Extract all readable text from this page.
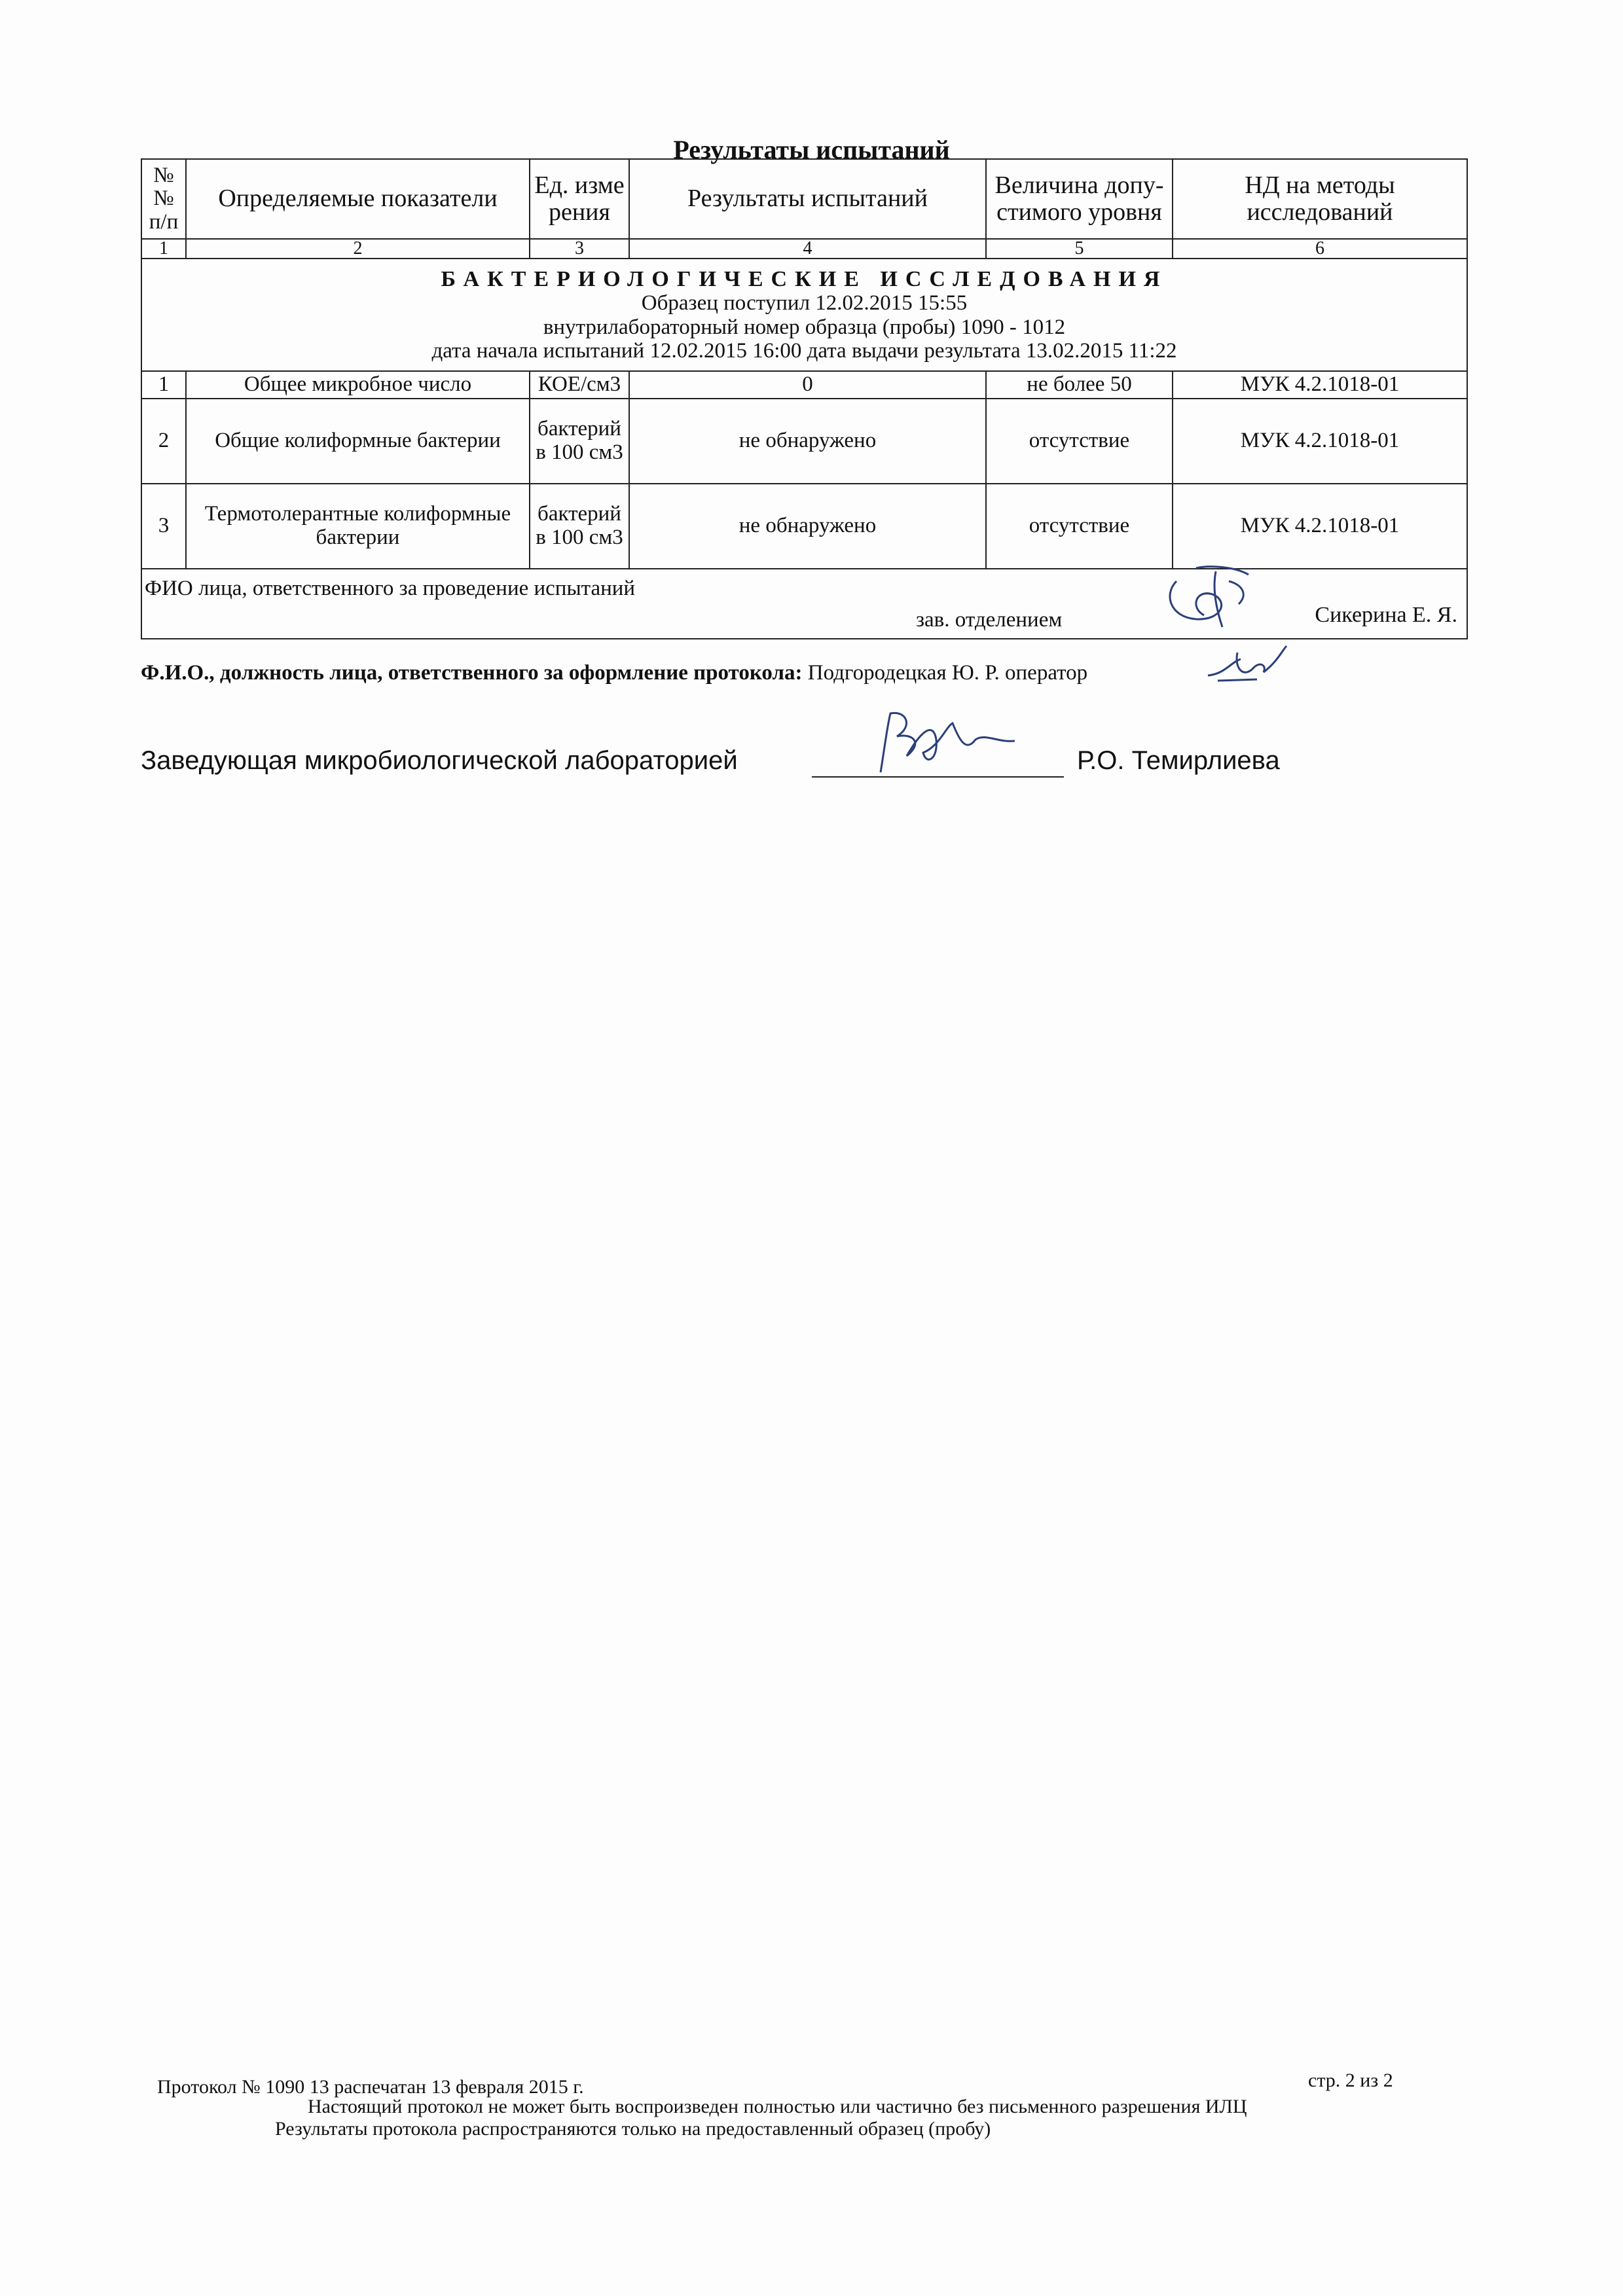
Результаты испытаний
№№ п/п	Определяемые показатели	Ед. изме рения	Результаты испытаний	Величина допу-стимого уровня	НД на методы исследований
1	2	3	4	5	6

БАКТЕРИОЛОГИЧЕСКИЕ ИССЛЕДОВАНИЯ
Образец поступил 12.02.2015 15:55
внутрилабораторный номер образца (пробы) 1090 - 1012
дата начала испытаний 12.02.2015 16:00 дата выдачи результата 13.02.2015 11:22					

1	Общее микробное число	КОЕ/см3	0	не более 50	МУК 4.2.1018-01
2	Общие колиформные бактерии	бактерий в 100 см3	не обнаружено	отсутствие	МУК 4.2.1018-01
3	Термотолерантные колиформные бактерии	бактерий в 100 см3	не обнаружено	отсутствие	МУК 4.2.1018-01

ФИО лица, ответственного за проведение испытаний
зав. отделением Сикерина Е. Я.					
Ф.И.О., должность лица, ответственного за оформление протокола: Подгородецкая Ю. Р. оператор
Заведующая микробиологической лабораторией	Р.О. Темирлиева
Протокол № 1090 13 распечатан 13 февраля 2015 г.	стр. 2 из 2
Настоящий протокол не может быть воспроизведен полностью или частично без письменного разрешения ИЛЦ
Результаты протокола распространяются только на предоставленный образец (пробу)
